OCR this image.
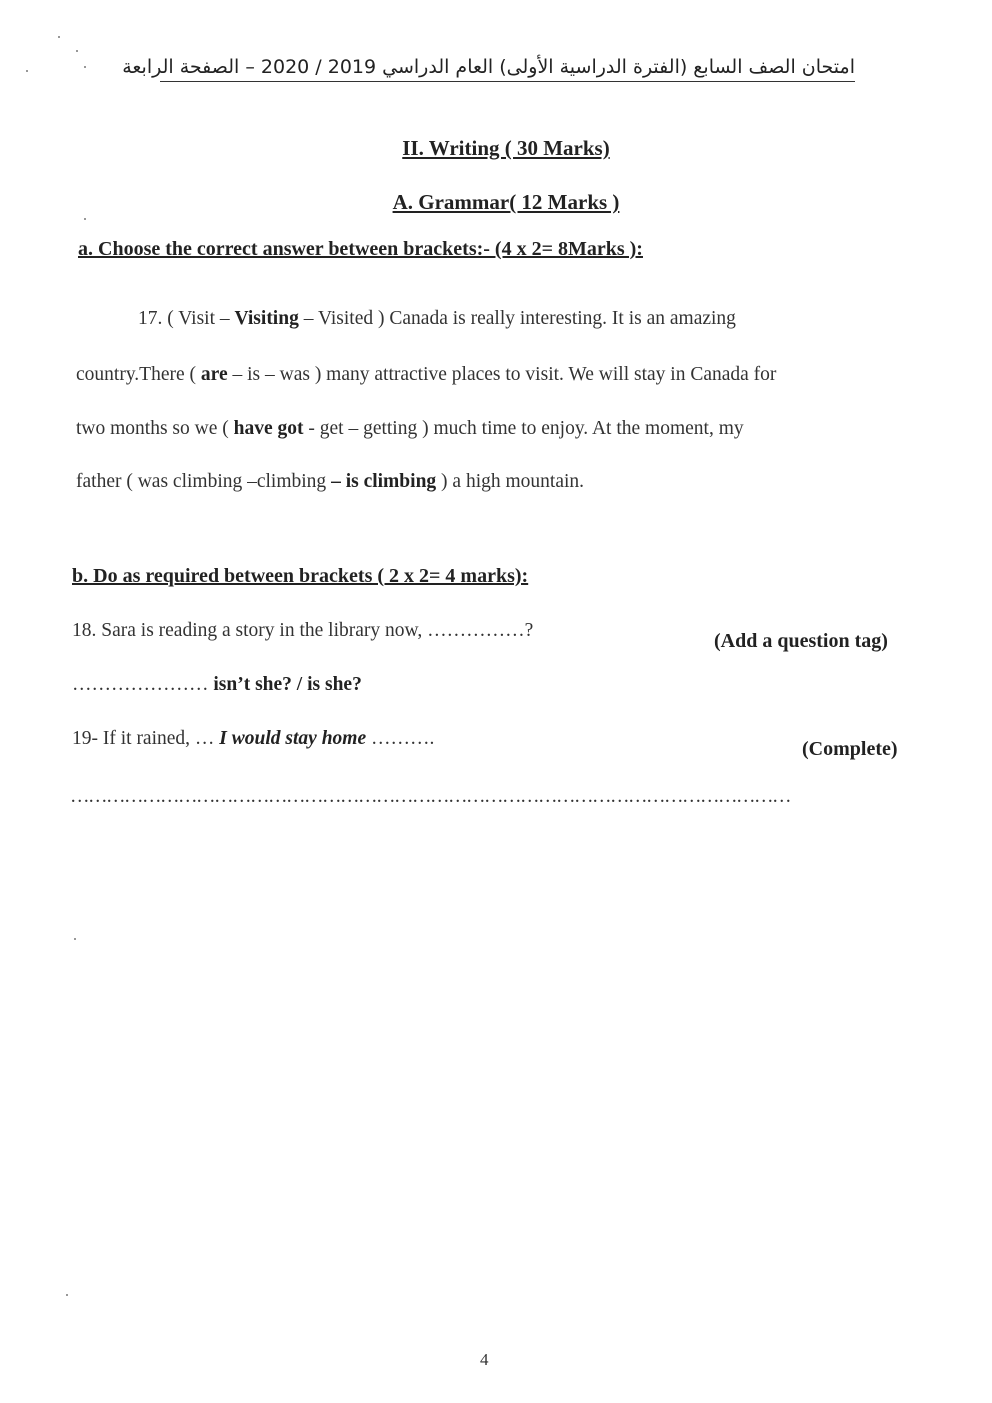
امتحان الصف السابع (الفترة الدراسية الأولى) العام الدراسي 2019 / 2020 – الصفحة الرابعة
II. Writing ( 30 Marks)
A. Grammar( 12 Marks )
a. Choose the correct answer between brackets:- (4 x 2= 8Marks ):
17. ( Visit – Visiting – Visited ) Canada is really interesting. It is an amazing
country.There ( are – is – was ) many attractive places to visit. We will stay in Canada for
two months so we ( have got - get – getting ) much time to enjoy. At the moment, my
father ( was climbing –climbing – is climbing ) a high mountain.
b. Do as required between brackets ( 2 x 2= 4 marks):
18. Sara is reading a story in the library now, ……………?	(Add a question tag)
………………… isn’t she? / is she?
19- If it rained, … I would stay home ……….	(Complete)
…………………………………………………………………………………………………………
4
